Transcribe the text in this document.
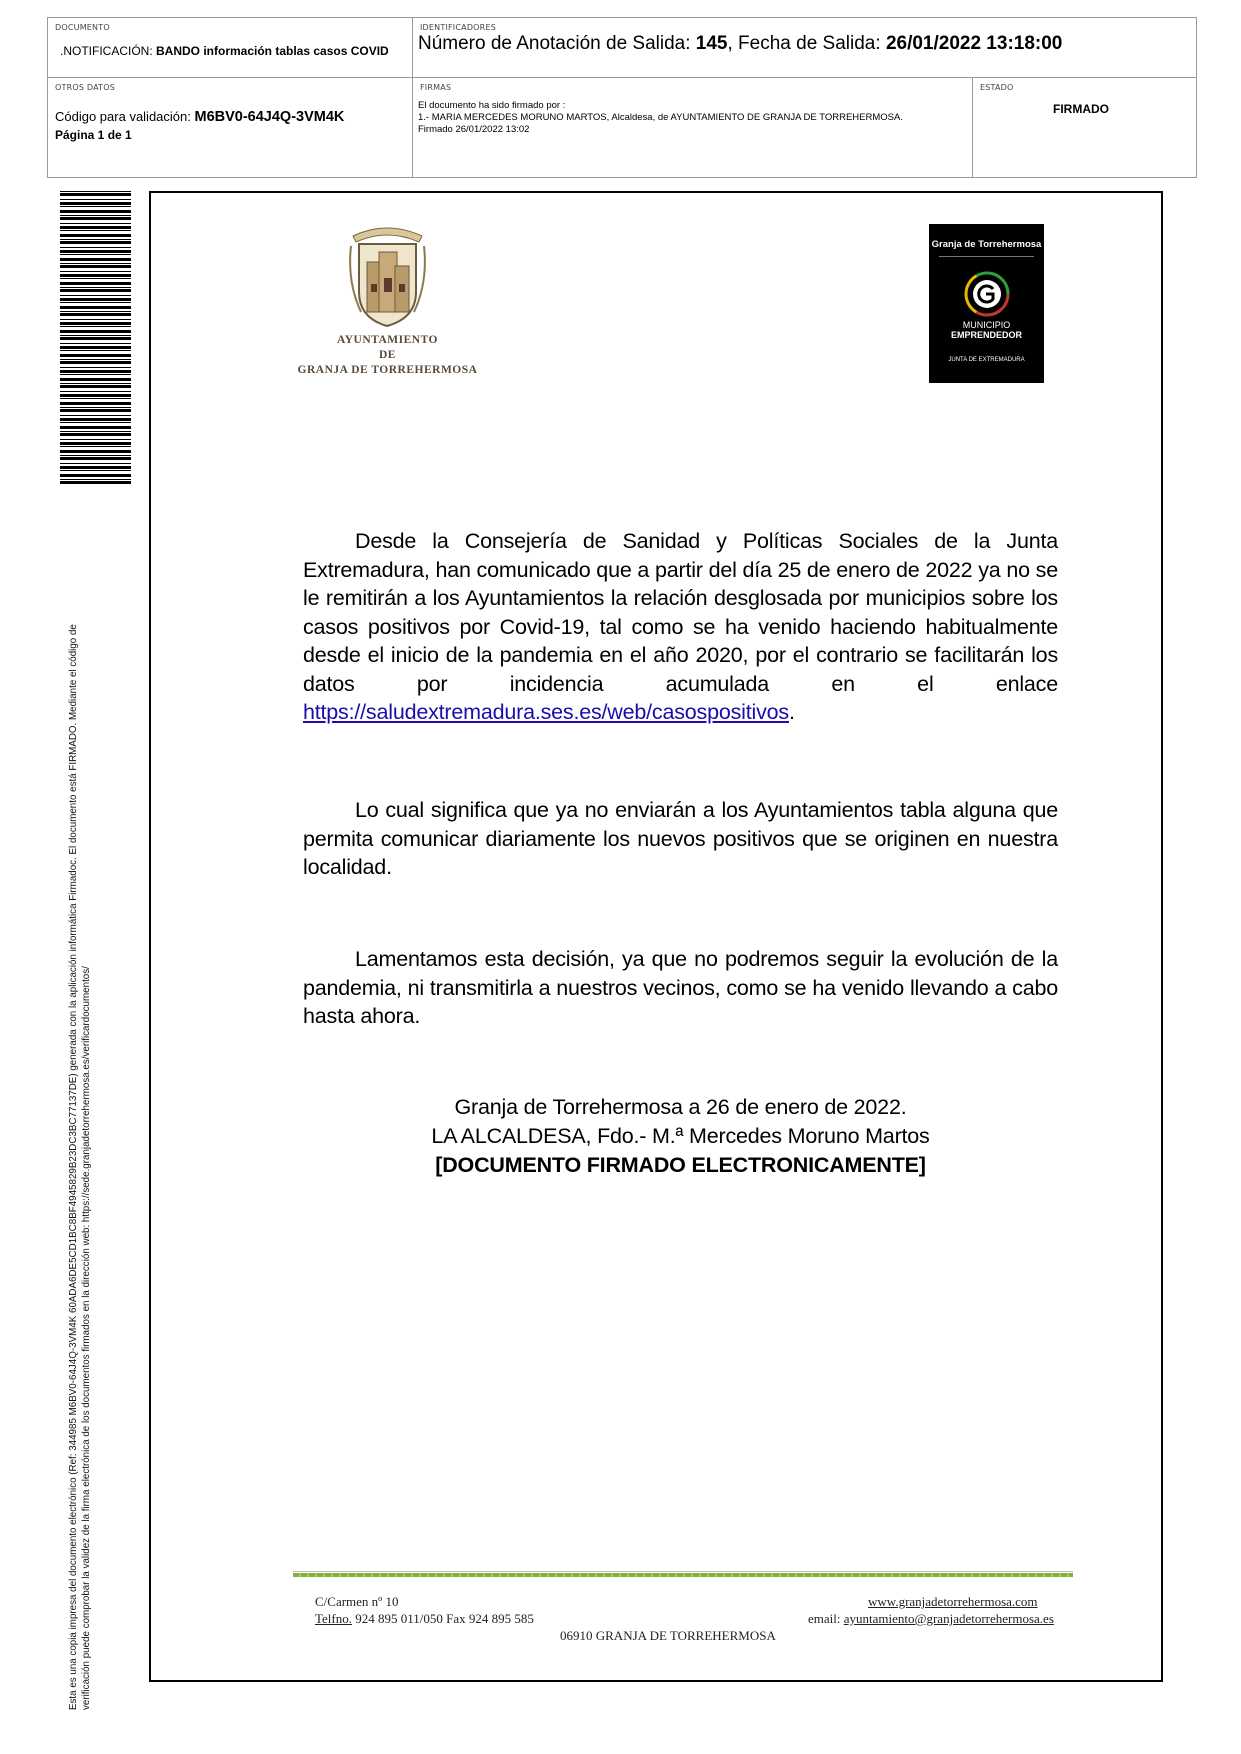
DOCUMENTO
.NOTIFICACIÓN: BANDO información tablas casos COVID
IDENTIFICADORES
Número de Anotación de Salida: 145, Fecha de Salida: 26/01/2022 13:18:00
OTROS DATOS
Código para validación: M6BV0-64J4Q-3VM4K
Página 1 de 1
FIRMAS
El documento ha sido firmado por :
1.- MARIA MERCEDES MORUNO MARTOS, Alcaldesa, de AYUNTAMIENTO DE GRANJA DE TORREHERMOSA.
Firmado 26/01/2022 13:02
ESTADO
FIRMADO
Esta es una copia impresa del documento electrónico (Ref: 344985 M6BV0-64J4Q-3VM4K 60ADA6DE5CD1BC8BF4945829B23DC3BC77137DE) generada con la aplicación informática Firmadoc. El documento está FIRMADO. Mediante el código de verificación puede comprobar la validez de la firma electrónica de los documentos firmados en la dirección web: https://sede.granjadetorrehermosa.es/verificardocumentos/
AYUNTAMIENTO
DE
GRANJA DE TORREHERMOSA
Granja de Torrehermosa
MUNICIPIO
EMPRENDEDOR
JUNTA DE EXTREMADURA
Desde la Consejería de Sanidad y Políticas Sociales de la Junta Extremadura, han comunicado que a partir del día 25 de enero de 2022 ya no se le remitirán a los Ayuntamientos la relación desglosada por municipios sobre los casos positivos por Covid-19, tal como se ha venido haciendo habitualmente desde el inicio de la pandemia en el año 2020, por el contrario se facilitarán los datos por incidencia acumulada en el enlace https://saludextremadura.ses.es/web/casospositivos.
Lo cual significa que ya no enviarán a los Ayuntamientos tabla alguna que permita comunicar diariamente los nuevos positivos que se originen en nuestra localidad.
Lamentamos esta decisión, ya que no podremos seguir la evolución de la pandemia, ni transmitirla a nuestros vecinos, como se ha venido llevando a cabo hasta ahora.
Granja de Torrehermosa a 26 de enero de 2022.
LA ALCALDESA, Fdo.- M.ª Mercedes Moruno Martos
[DOCUMENTO FIRMADO ELECTRONICAMENTE]
C/Carmen nº 10
Telfno. 924 895 011/050 Fax 924 895 585
www.granjadetorrehermosa.com
email: ayuntamiento@granjadetorrehermosa.es
06910 GRANJA DE TORREHERMOSA
